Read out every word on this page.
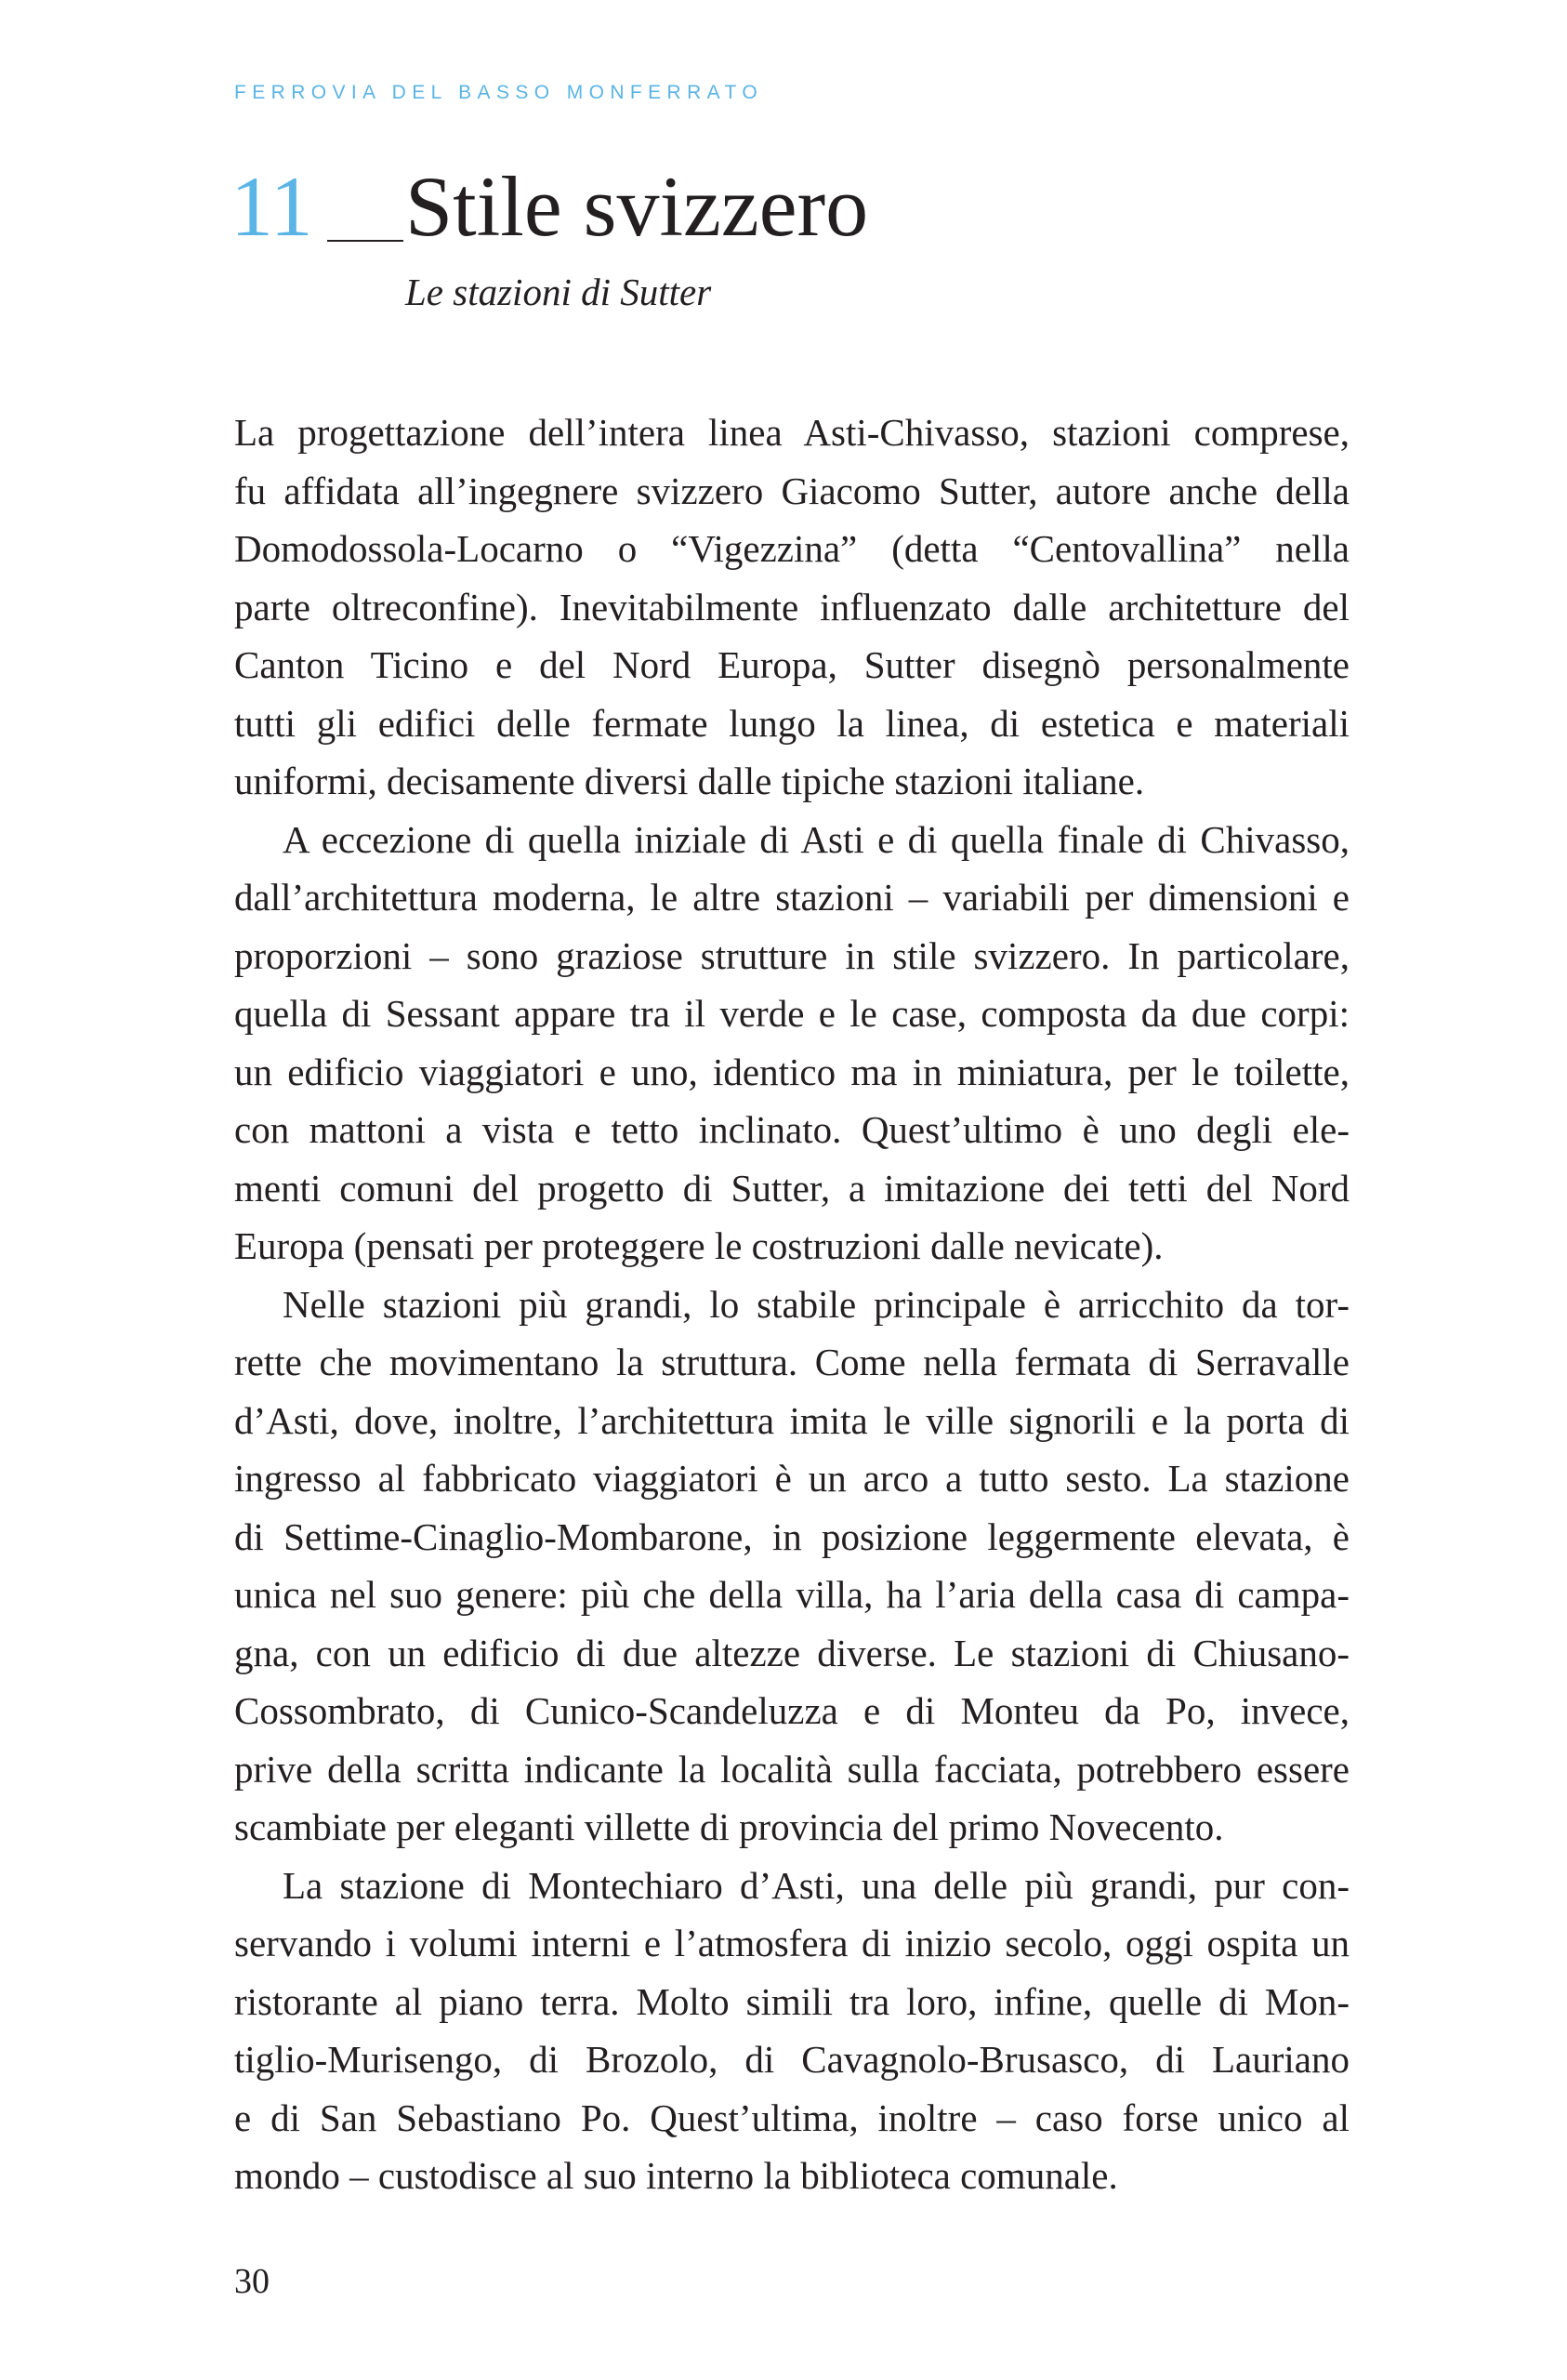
FERROVIA DEL BASSO MONFERRATO
11 Stile svizzero
Le stazioni di Sutter
La progettazione dell’intera linea Asti-Chivasso, stazioni comprese,
fu affidata all’ingegnere svizzero Giacomo Sutter, autore anche della
Domodossola-Locarno o “Vigezzina” (detta “Centovallina” nella
parte oltreconfine). Inevitabilmente influenzato dalle architetture del
Canton Ticino e del Nord Europa, Sutter disegnò personalmente
tutti gli edifici delle fermate lungo la linea, di estetica e materiali
uniformi, decisamente diversi dalle tipiche stazioni italiane.
A eccezione di quella iniziale di Asti e di quella finale di Chivasso,
dall’architettura moderna, le altre stazioni – variabili per dimensioni e
proporzioni – sono graziose strutture in stile svizzero. In particolare,
quella di Sessant appare tra il verde e le case, composta da due corpi:
un edificio viaggiatori e uno, identico ma in miniatura, per le toilette,
con mattoni a vista e tetto inclinato. Quest’ultimo è uno degli ele-
menti comuni del progetto di Sutter, a imitazione dei tetti del Nord
Europa (pensati per proteggere le costruzioni dalle nevicate).
Nelle stazioni più grandi, lo stabile principale è arricchito da tor-
rette che movimentano la struttura. Come nella fermata di Serravalle
d’Asti, dove, inoltre, l’architettura imita le ville signorili e la porta di
ingresso al fabbricato viaggiatori è un arco a tutto sesto. La stazione
di Settime-Cinaglio-Mombarone, in posizione leggermente elevata, è
unica nel suo genere: più che della villa, ha l’aria della casa di campa-
gna, con un edificio di due altezze diverse. Le stazioni di Chiusano-
Cossombrato, di Cunico-Scandeluzza e di Monteu da Po, invece,
prive della scritta indicante la località sulla facciata, potrebbero essere
scambiate per eleganti villette di provincia del primo Novecento.
La stazione di Montechiaro d’Asti, una delle più grandi, pur con-
servando i volumi interni e l’atmosfera di inizio secolo, oggi ospita un
ristorante al piano terra. Molto simili tra loro, infine, quelle di Mon-
tiglio-Murisengo, di Brozolo, di Cavagnolo-Brusasco, di Lauriano
e di San Sebastiano Po. Quest’ultima, inoltre – caso forse unico al
mondo – custodisce al suo interno la biblioteca comunale.
30
